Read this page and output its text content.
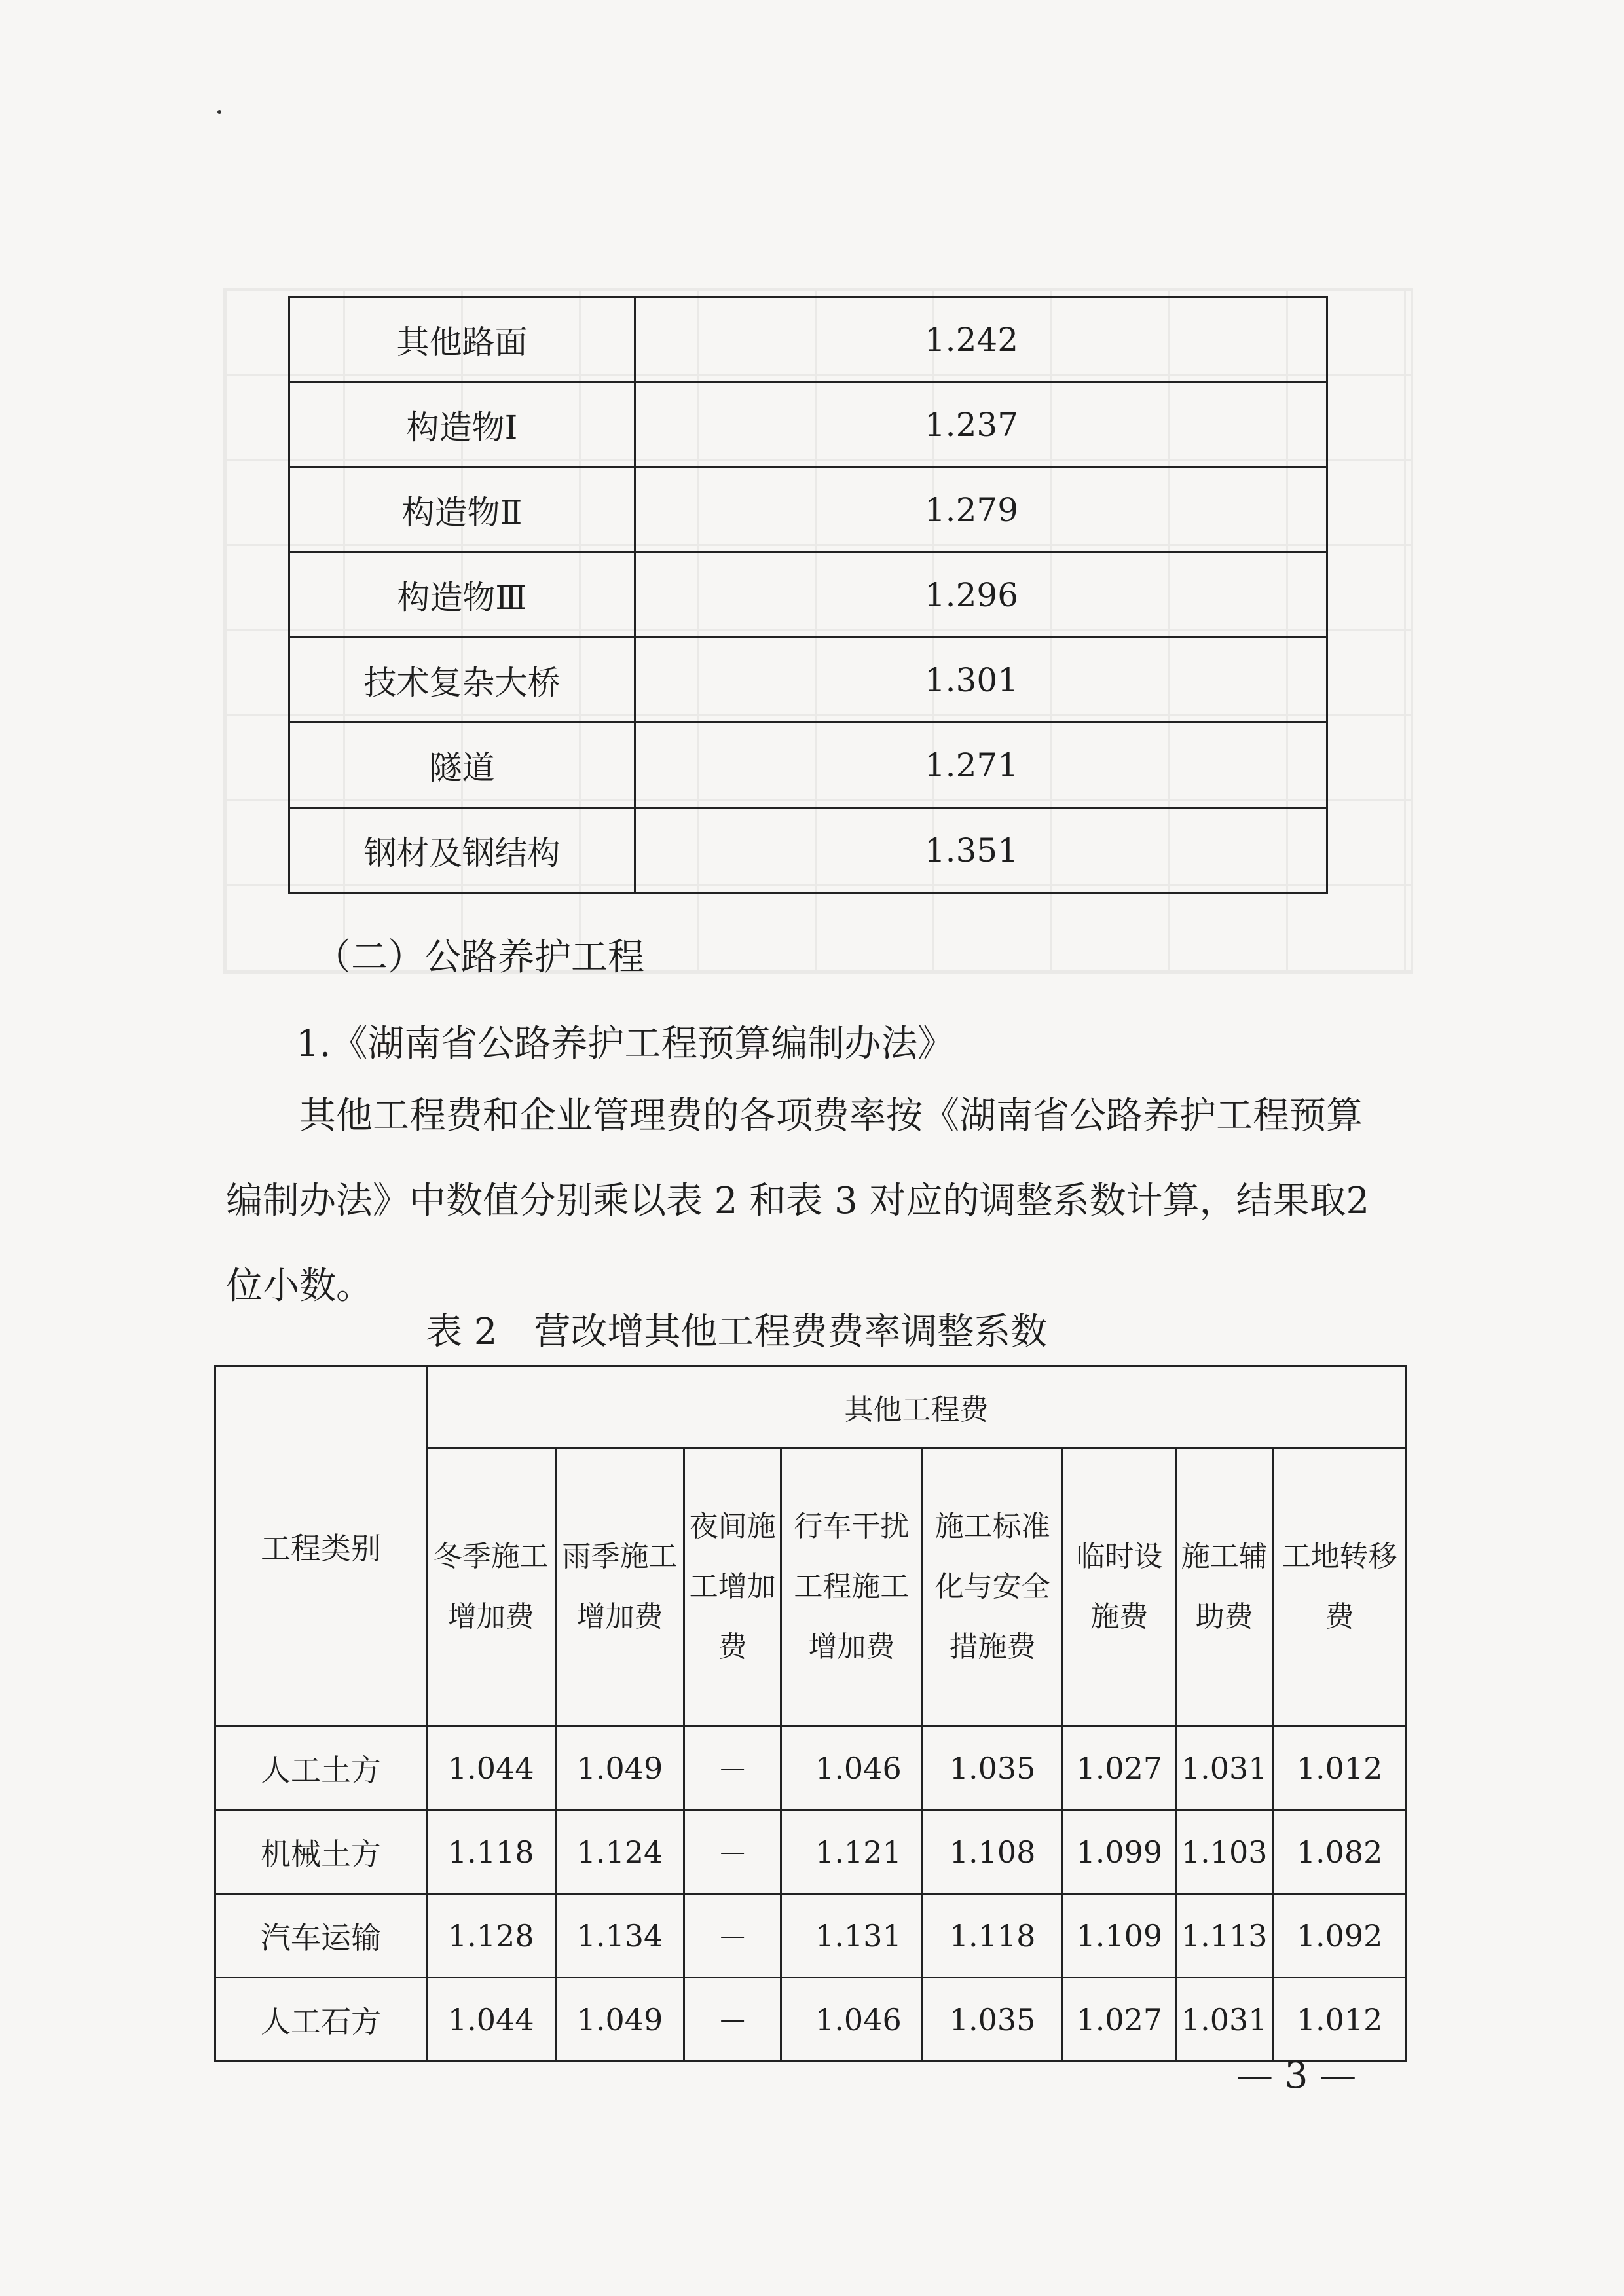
其他路面	1.242
构造物Ⅰ	1.237
构造物Ⅱ	1.279
构造物Ⅲ	1.296
技术复杂大桥	1.301
隧道	1.271
钢材及钢结构	1.351

（二）公路养护工程

1.《湖南省公路养护工程预算编制办法》

其他工程费和企业管理费的各项费率按《湖南省公路养护工程预算编制办法》中数值分别乘以表 2 和表 3 对应的调整系数计算，结果取2位小数。

表 2　营改增其他工程费费率调整系数
工程类别	其他工程费							
	冬季施工增加费	雨季施工增加费	夜间施工增加费	行车干扰工程施工增加费	施工标准化与安全措施费	临时设施费	施工辅助费	工地转移费
人工土方	1.044	1.049	－	1.046	1.035	1.027	1.031	1.012
机械土方	1.118	1.124	－	1.121	1.108	1.099	1.103	1.082
汽车运输	1.128	1.134	－	1.131	1.118	1.109	1.113	1.092
人工石方	1.044	1.049	－	1.046	1.035	1.027	1.031	1.012
— 3 —
